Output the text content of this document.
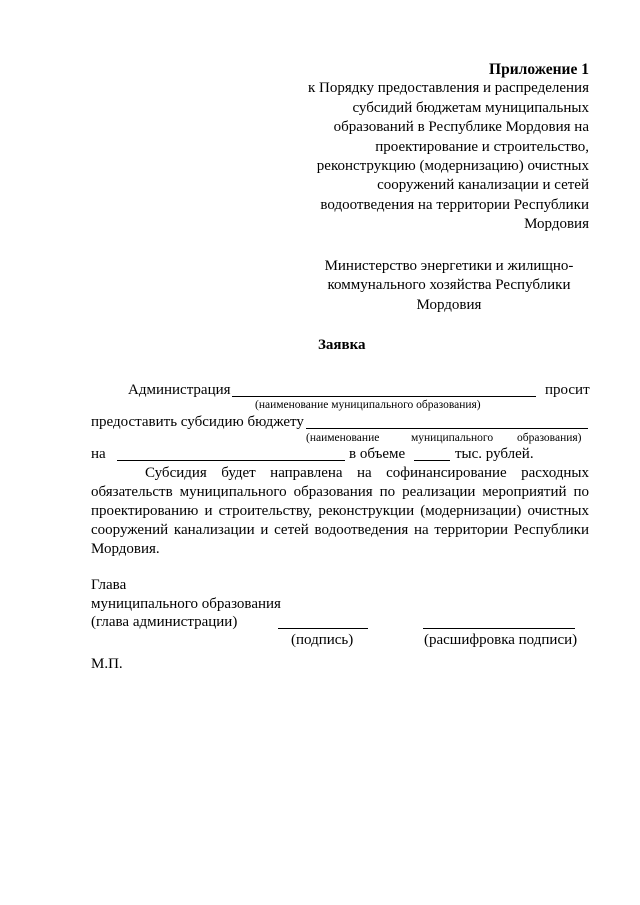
Приложение 1
к Порядку предоставления и распределения
субсидий бюджетам муниципальных
образований в Республике Мордовия на
проектирование и строительство,
реконструкцию (модернизацию) очистных
сооружений канализации и сетей
водоотведения на территории Республики
Мордовия
Министерство энергетики и жилищно-
коммунального хозяйства Республики
Мордовия
Заявка
Администрация	просит
(наименование муниципального образования)
предоставить субсидию бюджету
(наименование	муниципального образования)
на	в объеме	тыс. рублей.
Субсидия будет направлена на софинансирование расходных
обязательств муниципального образования по реализации мероприятий по
проектированию и строительству, реконструкции (модернизации) очистных
сооружений канализации и сетей водоотведения на территории Республики
Мордовия.
Глава
муниципального образования
(глава администрации)
(подпись)	(расшифровка подписи)
М.П.
